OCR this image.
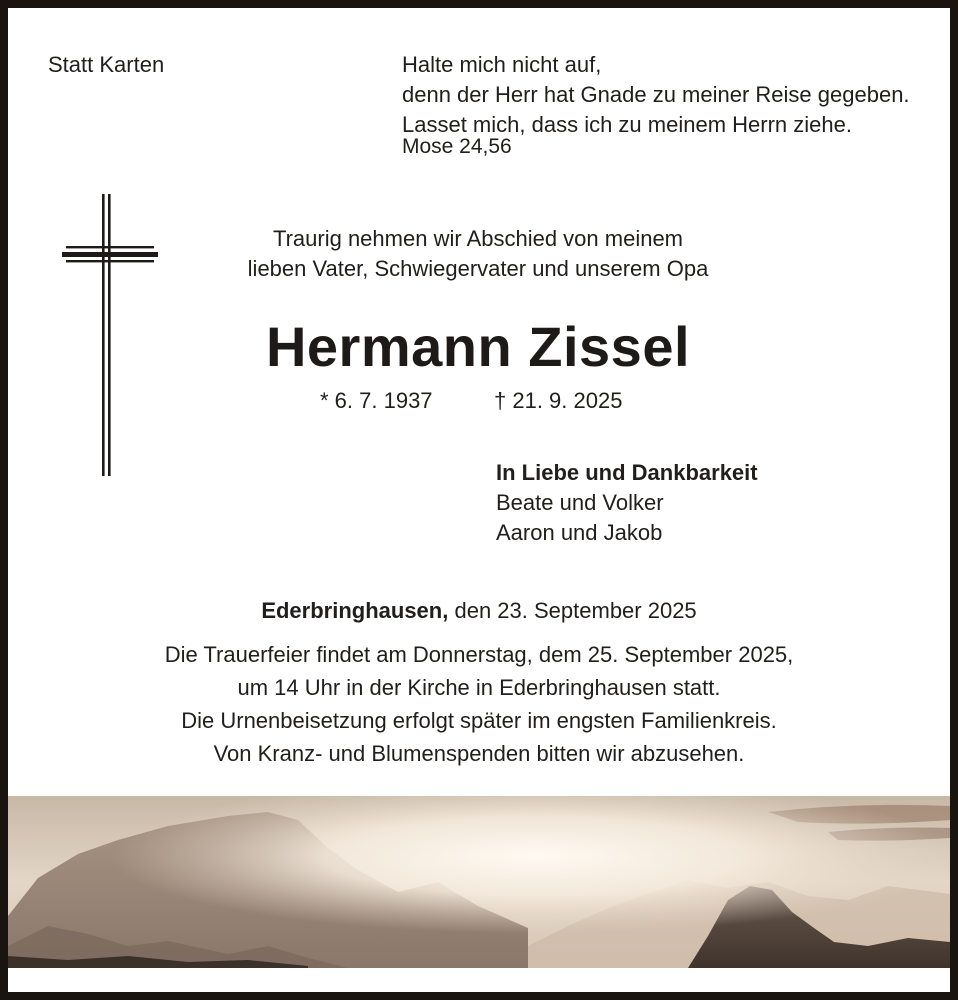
Statt Karten	Halte mich nicht auf,
denn der Herr hat Gnade zu meiner Reise gegeben.
Lasset mich, dass ich zu meinem Herrn ziehe.

Mose 24,56

Traurig nehmen wir Abschied von meinem
lieben Vater, Schwiegervater und unserem Opa
Hermann Zissel

* 6. 7. 1937	† 21. 9. 2025

In Liebe und Dankbarkeit
Beate und Volker
Aaron und Jakob

Ederbringhausen, den 23. September 2025

Die Trauerfeier findet am Donnerstag, dem 25. September 2025,
um 14 Uhr in der Kirche in Ederbringhausen statt.
Die Urnenbeisetzung erfolgt später im engsten Familienkreis.
Von Kranz- und Blumenspenden bitten wir abzusehen.
